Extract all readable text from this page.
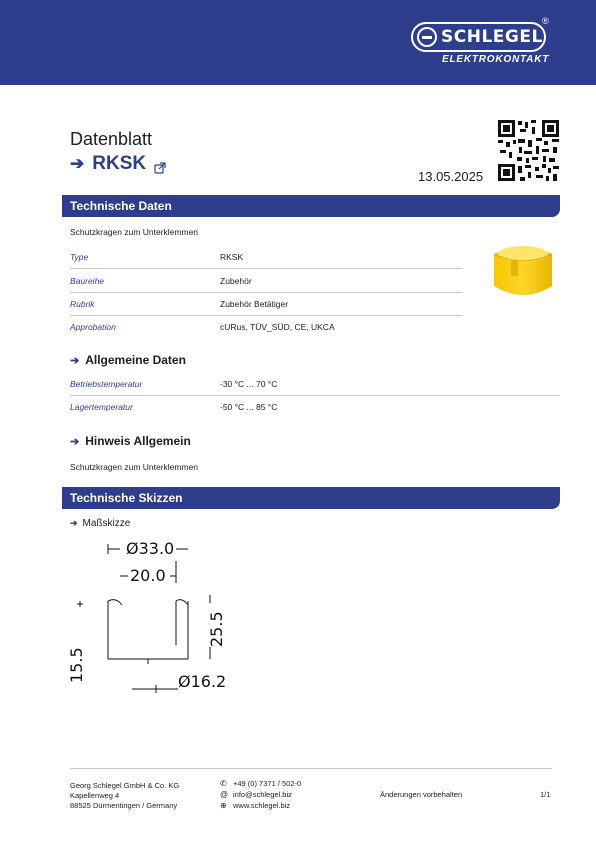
SCHLEGEL
®
ELEKTROKONTAKT
Datenblatt
➔ RKSK
13.05.2025
Technische Daten
Schutzkragen zum Unterklemmen
Type	RKSK
Baureihe	Zubehör
Rubrik	Zubehör Betätiger
Approbation	cURus, TÜV_SÜD, CE, UKCA
➔ Allgemeine Daten
Betriebstemperatur	-30 °C ... 70 °C
Lagertemperatur	-50 °C ... 85 °C
➔ Hinweis Allgemein
Schutzkragen zum Unterklemmen
Technische Skizzen
➔ Maßskizze
Ø33.0
20.0
25.5
15.5	Ø16.2
Georg Schlegel GmbH & Co. KG
Kapellenweg 4
88525 Dürmentingen / Germany
✆ +49 (0) 7371 / 502-0
@ info@schlegel.biz
⊕ www.schlegel.biz
Änderungen vorbehalten	1/1
